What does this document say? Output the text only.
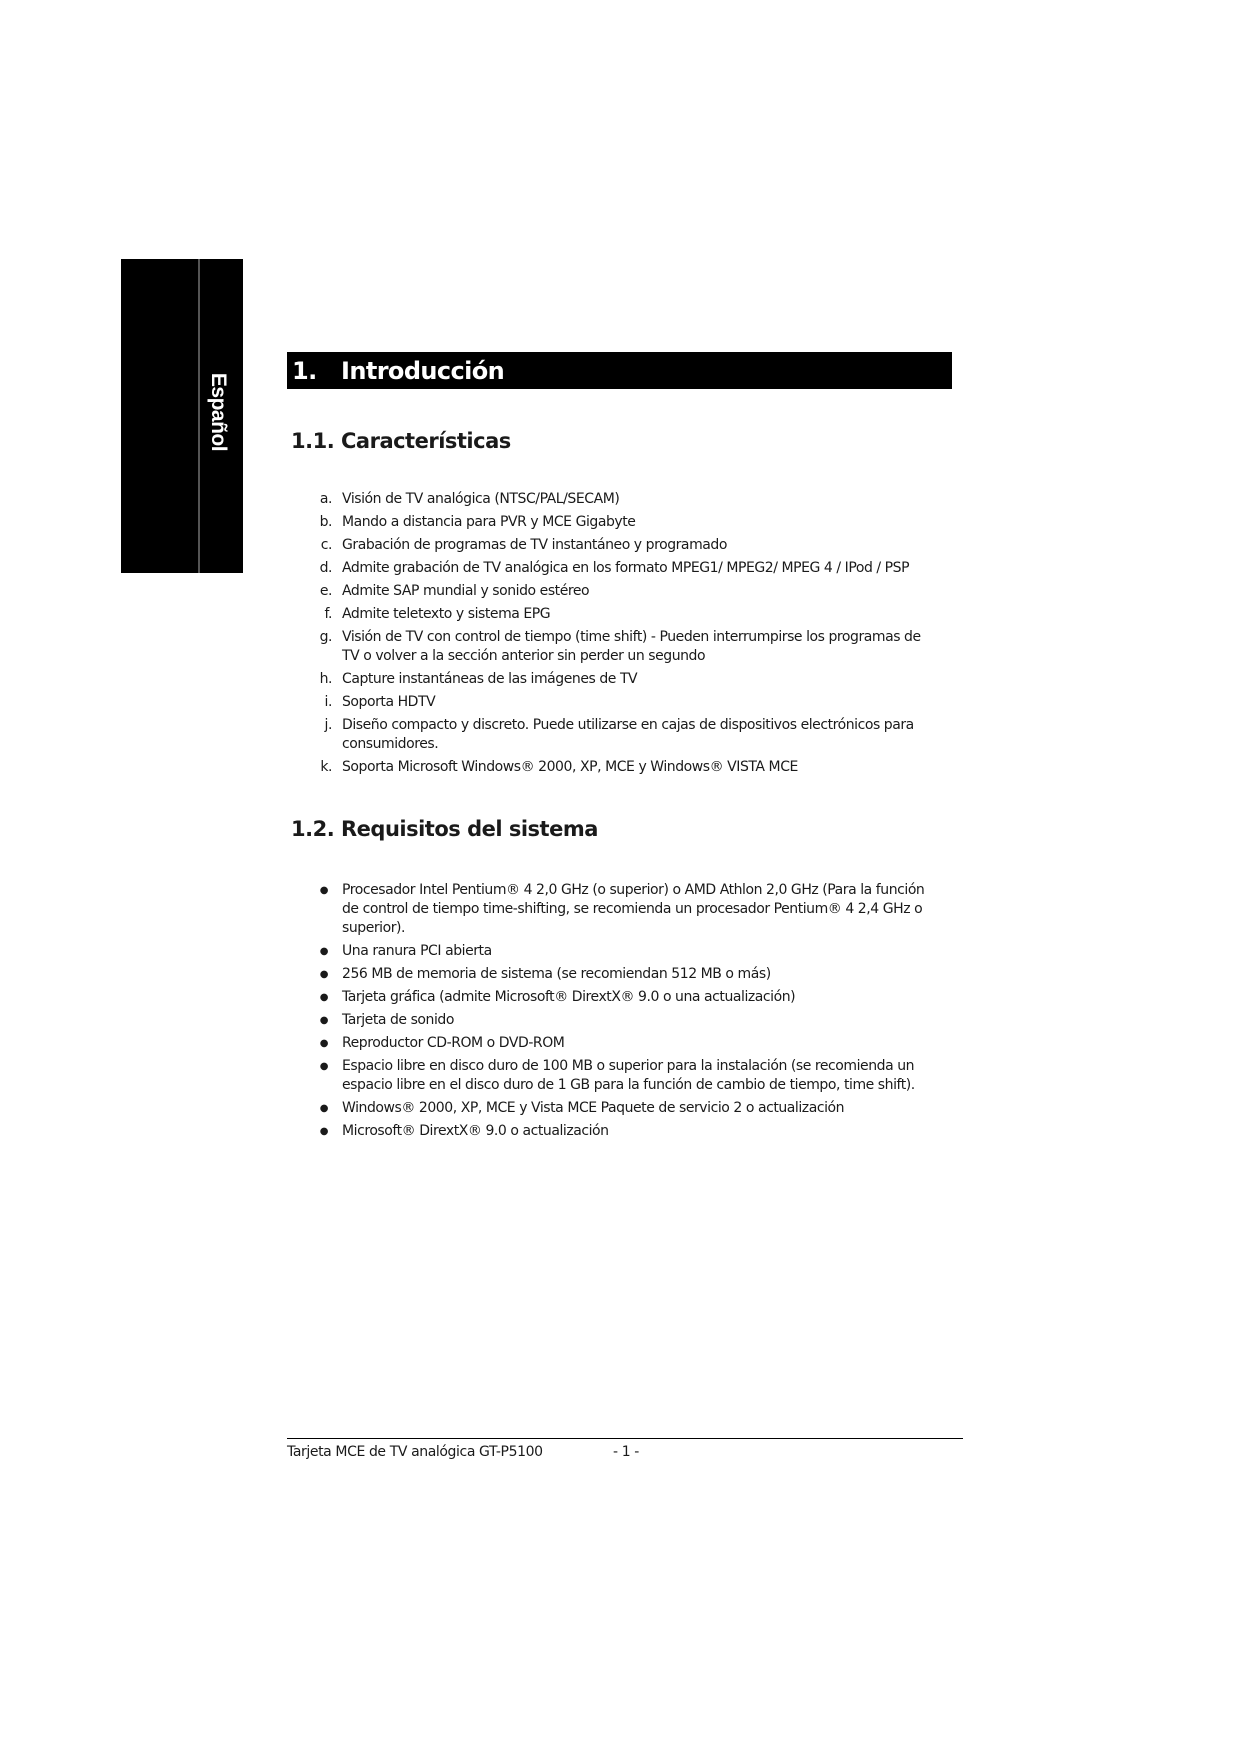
Español
1.	Introducción
1.1. Características
a. Visión de TV analógica (NTSC/PAL/SECAM)
b. Mando a distancia para PVR y MCE Gigabyte
c. Grabación de programas de TV instantáneo y programado
d. Admite grabación de TV analógica en los formato MPEG1/ MPEG2/ MPEG 4 / IPod / PSP
e. Admite SAP mundial y sonido estéreo
f. Admite teletexto y sistema EPG
g. Visión de TV con control de tiempo (time shift) - Pueden interrumpirse los programas de TV o volver a la sección anterior sin perder un segundo
h. Capture instantáneas de las imágenes de TV
i. Soporta HDTV
j. Diseño compacto y discreto. Puede utilizarse en cajas de dispositivos electrónicos para consumidores.
k. Soporta Microsoft Windows® 2000, XP, MCE y Windows® VISTA MCE
1.2. Requisitos del sistema
●	Procesador Intel Pentium® 4 2,0 GHz (o superior) o AMD Athlon 2,0 GHz (Para la función de control de tiempo time-shifting, se recomienda un procesador Pentium® 4 2,4 GHz o superior).
●	Una ranura PCI abierta
●	256 MB de memoria de sistema (se recomiendan 512 MB o más)
●	Tarjeta gráfica (admite Microsoft® DirextX® 9.0 o una actualización)
●	Tarjeta de sonido
●	Reproductor CD-ROM o DVD-ROM
●	Espacio libre en disco duro de 100 MB o superior para la instalación (se recomienda un espacio libre en el disco duro de 1 GB para la función de cambio de tiempo, time shift).
●	Windows® 2000, XP, MCE y Vista MCE Paquete de servicio 2 o actualización
●	Microsoft® DirextX® 9.0 o actualización
Tarjeta MCE de TV analógica GT-P5100	- 1 -
